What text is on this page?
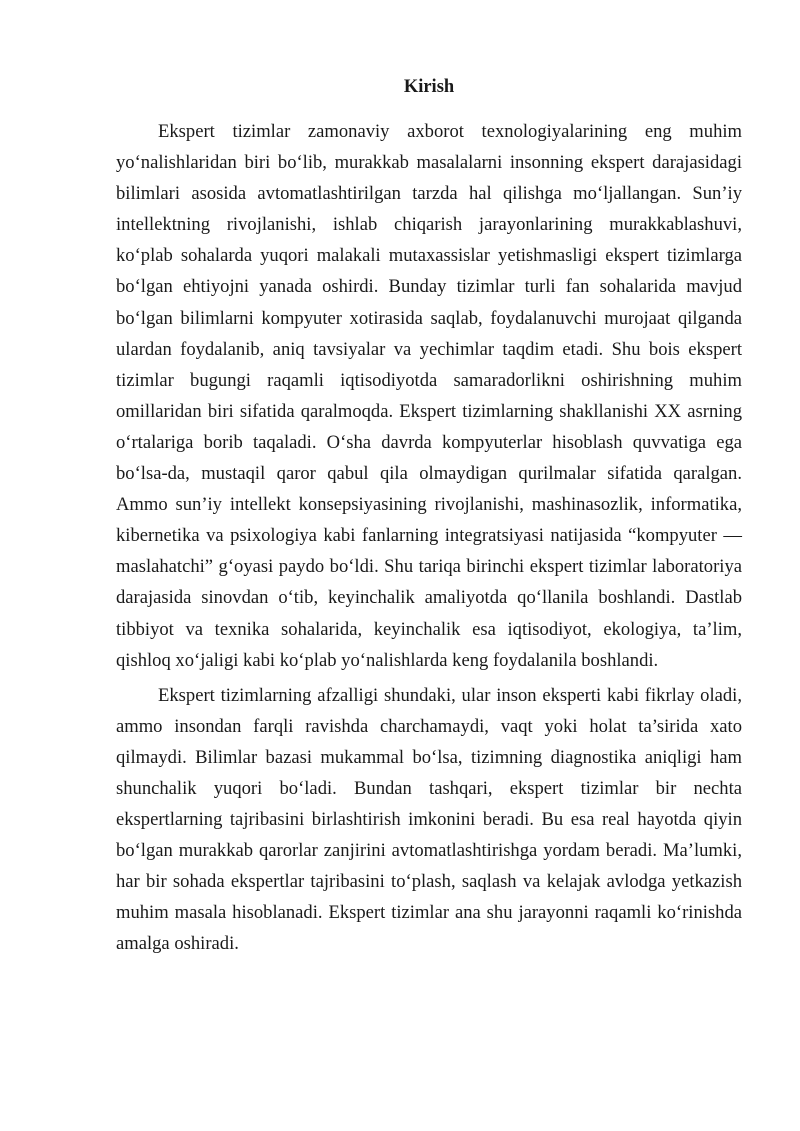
Kirish

Ekspert tizimlar zamonaviy axborot texnologiyalarining eng muhim yoʻnalishlaridan biri boʻlib, murakkab masalalarni insonning ekspert darajasidagi bilimlari asosida avtomatlashtirilgan tarzda hal qilishga moʻljallangan. Sun’iy intellektning rivojlanishi, ishlab chiqarish jarayonlarining murakkablashuvi, koʻplab sohalarda yuqori malakali mutaxassislar yetishmasligi ekspert tizimlarga boʻlgan ehtiyojni yanada oshirdi. Bunday tizimlar turli fan sohalarida mavjud boʻlgan bilimlarni kompyuter xotirasida saqlab, foydalanuvchi murojaat qilganda ulardan foydalanib, aniq tavsiyalar va yechimlar taqdim etadi. Shu bois ekspert tizimlar bugungi raqamli iqtisodiyotda samaradorlikni oshirishning muhim omillaridan biri sifatida qaralmoqda. Ekspert tizimlarning shakllanishi XX asrning oʻrtalariga borib taqaladi. Oʻsha davrda kompyuterlar hisoblash quvvatiga ega boʻlsa-da, mustaqil qaror qabul qila olmaydigan qurilmalar sifatida qaralgan. Ammo sun’iy intellekt konsepsiyasining rivojlanishi, mashinasozlik, informatika, kibernetika va psixologiya kabi fanlarning integratsiyasi natijasida “kompyuter — maslahatchi” gʻoyasi paydo boʻldi. Shu tariqa birinchi ekspert tizimlar laboratoriya darajasida sinovdan oʻtib, keyinchalik amaliyotda qoʻllanila boshlandi. Dastlab tibbiyot va texnika sohalarida, keyinchalik esa iqtisodiyot, ekologiya, ta’lim, qishloq xoʻjaligi kabi koʻplab yoʻnalishlarda keng foydalanila boshlandi.

Ekspert tizimlarning afzalligi shundaki, ular inson eksperti kabi fikrlay oladi, ammo insondan farqli ravishda charchamaydi, vaqt yoki holat ta’sirida xato qilmaydi. Bilimlar bazasi mukammal boʻlsa, tizimning diagnostika aniqligi ham shunchalik yuqori boʻladi. Bundan tashqari, ekspert tizimlar bir nechta ekspertlarning tajribasini birlashtirish imkonini beradi. Bu esa real hayotda qiyin boʻlgan murakkab qarorlar zanjirini avtomatlashtirishga yordam beradi. Ma’lumki, har bir sohada ekspertlar tajribasini toʻplash, saqlash va kelajak avlodga yetkazish muhim masala hisoblanadi. Ekspert tizimlar ana shu jarayonni raqamli koʻrinishda amalga oshiradi.
